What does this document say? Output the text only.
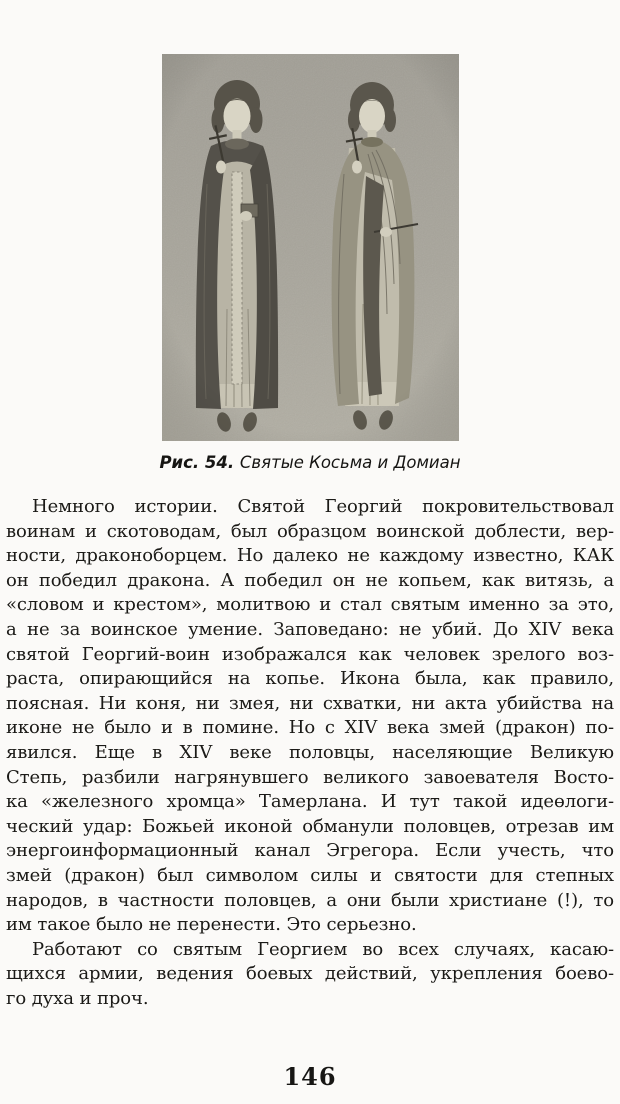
Рис. 54. Святые Косьма и Домиан
Немного истории. Святой Георгий покровительствовал
воинам и скотоводам, был образцом воинской доблести, вер-
ности, драконоборцем. Но далеко не каждому известно, КАК
он победил дракона. А победил он не копьем, как витязь, а
«словом и крестом», молитвою и стал святым именно за это,
а не за воинское умение. Заповедано: не убий. До XIV века
святой Георгий-воин изображался как человек зрелого воз-
раста, опирающийся на копье. Икона была, как правило,
поясная. Ни коня, ни змея, ни схватки, ни акта убийства на
иконе не было и в помине. Но с XIV века змей (дракон) по-
явился. Еще в XIV веке половцы, населяющие Великую
Степь, разбили нагрянувшего великого завоевателя Восто-
ка «железного хромца» Тамерлана. И тут такой идеөлоги-
ческий удар: Божьей иконой обманули половцев, отрезав им
энергоинформационный канал Эгрегора. Если учесть, что
змей (дракон) был символом силы и святости для степных
народов, в частности половцев, а они были христиане (!), то
им такое было не перенести. Это серьезно.
Работают со святым Георгием во всех случаях, касаю-
щихся армии, ведения боевых действий, укрепления боево-
го духа и проч.
146
